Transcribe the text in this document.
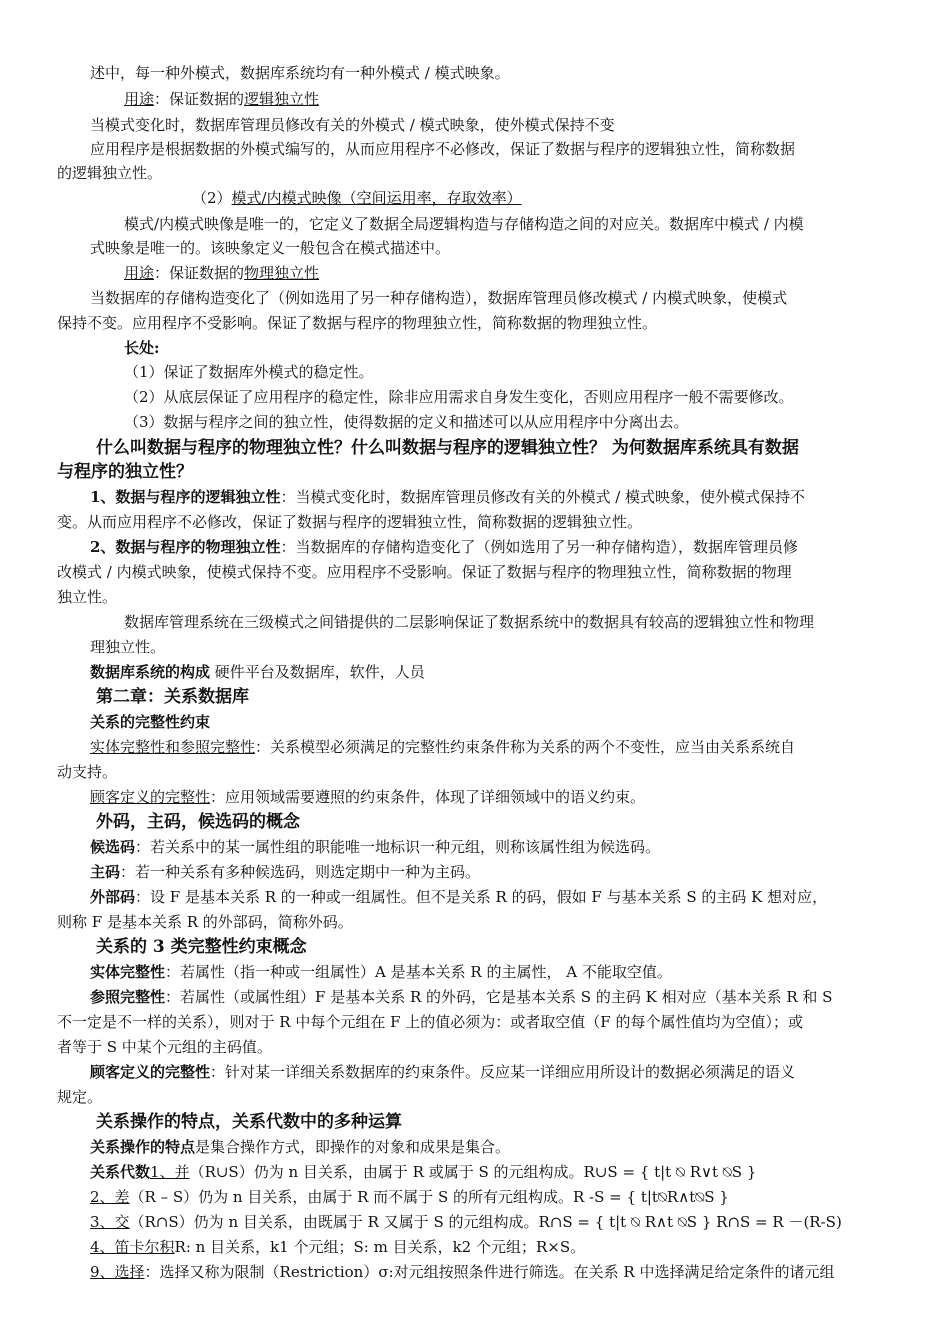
述中，每一种外模式，数据库系统均有一种外模式 / 模式映象。
用途：保证数据的逻辑独立性
当模式变化时，数据库管理员修改有关的外模式 / 模式映象，使外模式保持不变
应用程序是根据数据的外模式编写的，从而应用程序不必修改，保证了数据与程序的逻辑独立性，简称数据
的逻辑独立性。
（2）模式/内模式映像（空间运用率，存取效率）
模式/内模式映像是唯一的，它定义了数据全局逻辑构造与存储构造之间的对应关。数据库中模式 / 内模
式映象是唯一的。该映象定义一般包含在模式描述中。
用途：保证数据的物理独立性
当数据库的存储构造变化了（例如选用了另一种存储构造），数据库管理员修改模式 / 内模式映象，使模式
保持不变。应用程序不受影响。保证了数据与程序的物理独立性，简称数据的物理独立性。
长处:
（1）保证了数据库外模式的稳定性。
（2）从底层保证了应用程序的稳定性，除非应用需求自身发生变化，否则应用程序一般不需要修改。
（3）数据与程序之间的独立性，使得数据的定义和描述可以从应用程序中分离出去。
什么叫数据与程序的物理独立性？什么叫数据与程序的逻辑独立性？ 为何数据库系统具有数据
与程序的独立性？
1、数据与程序的逻辑独立性：当模式变化时，数据库管理员修改有关的外模式 / 模式映象，使外模式保持不
变。从而应用程序不必修改，保证了数据与程序的逻辑独立性，简称数据的逻辑独立性。
2、数据与程序的物理独立性：当数据库的存储构造变化了（例如选用了另一种存储构造），数据库管理员修
改模式 / 内模式映象，使模式保持不变。应用程序不受影响。保证了数据与程序的物理独立性，简称数据的物理
独立性。
数据库管理系统在三级模式之间错提供的二层影响保证了数据系统中的数据具有较高的逻辑独立性和物理
理独立性。
数据库系统的构成 硬件平台及数据库，软件，人员
第二章：关系数据库
关系的完整性约束
实体完整性和参照完整性：关系模型必须满足的完整性约束条件称为关系的两个不变性，应当由关系系统自
动支持。
顾客定义的完整性：应用领域需要遵照的约束条件，体现了详细领域中的语义约束。
外码，主码，候选码的概念
候选码：若关系中的某一属性组的职能唯一地标识一种元组，则称该属性组为候选码。
主码：若一种关系有多种候选码，则选定期中一种为主码。
外部码：设 F 是基本关系 R 的一种或一组属性。但不是关系 R 的码，假如 F 与基本关系 S 的主码 K 想对应，
则称 F 是基本关系 R 的外部码，简称外码。
关系的 3 类完整性约束概念
实体完整性：若属性（指一种或一组属性）A 是基本关系 R 的主属性， A 不能取空值。
参照完整性：若属性（或属性组）F 是基本关系 R 的外码，它是基本关系 S 的主码 K 相对应（基本关系 R 和 S
不一定是不一样的关系），则对于 R 中每个元组在 F 上的值必须为：或者取空值（F 的每个属性值均为空值）；或
者等于 S 中某个元组的主码值。
顾客定义的完整性：针对某一详细关系数据库的约束条件。反应某一详细应用所设计的数据必须满足的语义
规定。
关系操作的特点，关系代数中的多种运算
关系操作的特点是集合操作方式，即操作的对象和成果是集合。
关系代数1、并（R∪S）仍为 n 目关系，由属于 R 或属于 S 的元组构成。R∪S = { t|t ⍉ R∨t ⍉S }
2、差（R – S）仍为 n 目关系，由属于 R 而不属于 S 的所有元组构成。R -S = { t|t⍉R∧t⍉S }
3、交（R∩S）仍为 n 目关系，由既属于 R 又属于 S 的元组构成。R∩S = { t|t ⍉ R∧t ⍉S } R∩S = R －(R-S)
4、笛卡尔积R: n 目关系，k1 个元组；S: m 目关系，k2 个元组；R×S。
9、选择：选择又称为限制（Restriction）σ:对元组按照条件进行筛选。在关系 R 中选择满足给定条件的诸元组
